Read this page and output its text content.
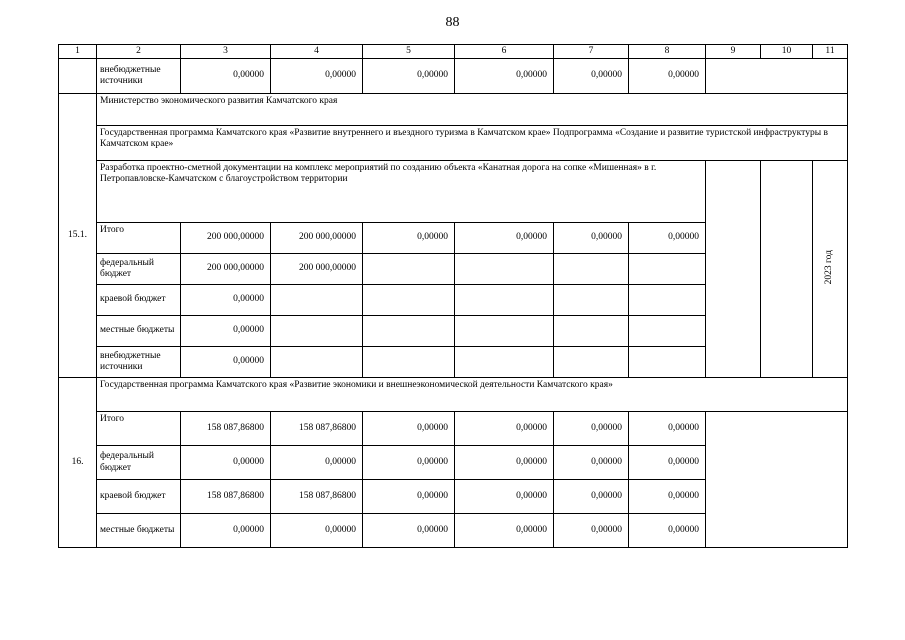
88
1	2	3	4	5	6	7	8	9	10	11
	внебюджетные источники	0,00000	0,00000	0,00000	0,00000	0,00000	0,00000			
15.1.	Министерство экономического развития Камчатского края									
	Государственная программа Камчатского края «Развитие внутреннего и въездного туризма в Камчатском крае» Подпрограмма «Создание и развитие туристской инфраструктуры в Камчатском крае»									
	Разработка проектно-сметной документации на комплекс мероприятий по созданию объекта «Канатная дорога на сопке «Мишенная» в г. Петропавловске-Камчатском с благоустройством территории									2023 год
	Итого	200 000,00000	200 000,00000	0,00000	0,00000	0,00000	0,00000			
	федеральный бюджет	200 000,00000	200 000,00000							
	краевой бюджет	0,00000								
	местные бюджеты	0,00000								
	внебюджетные источники	0,00000								
16.	Государственная программа Камчатского края «Развитие экономики и внешнеэкономической деятельности Камчатского края»									
	Итого	158 087,86800	158 087,86800	0,00000	0,00000	0,00000	0,00000			
	федеральный бюджет	0,00000	0,00000	0,00000	0,00000	0,00000	0,00000			
	краевой бюджет	158 087,86800	158 087,86800	0,00000	0,00000	0,00000	0,00000			
	местные бюджеты	0,00000	0,00000	0,00000	0,00000	0,00000	0,00000			
